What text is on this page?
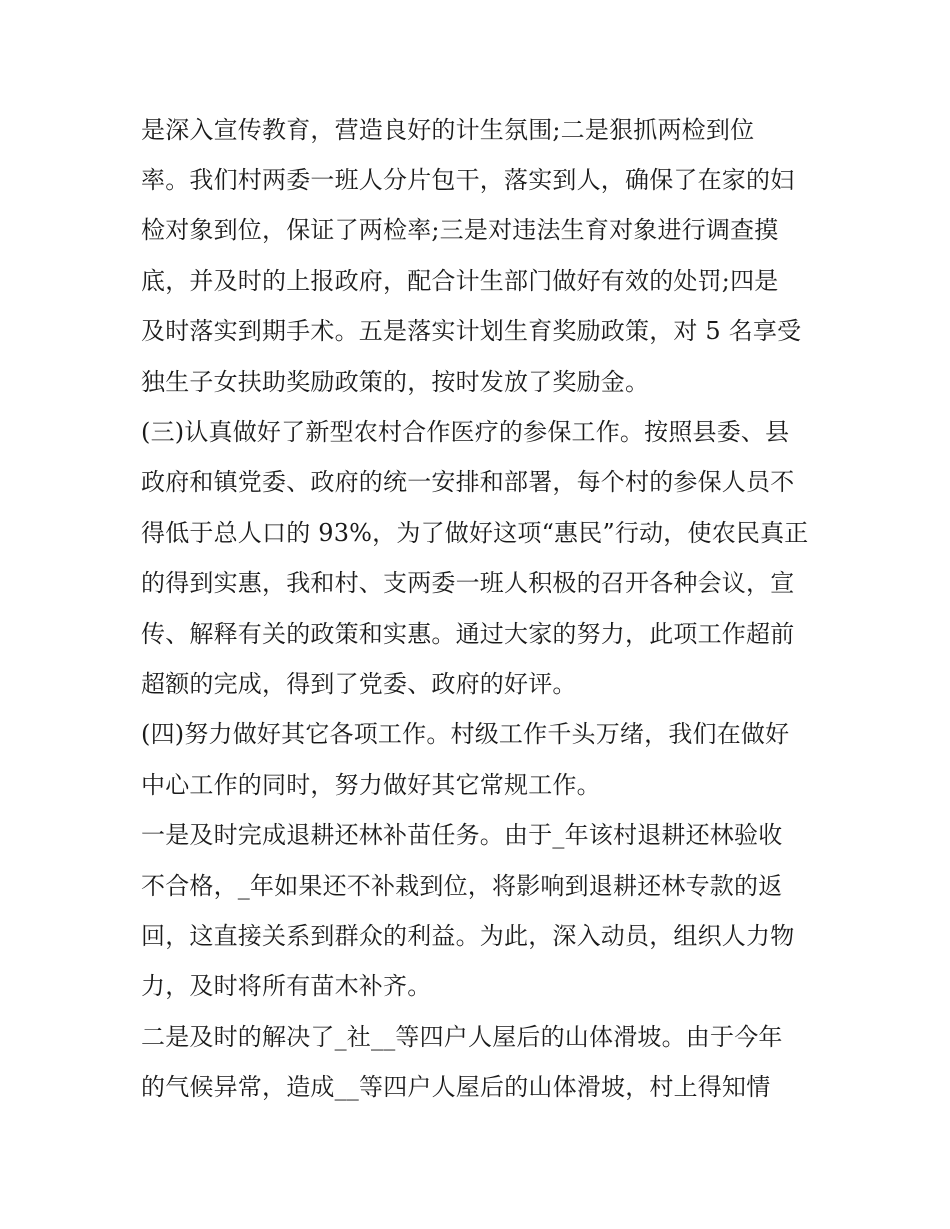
是深入宣传教育，营造良好的计生氛围;二是狠抓两检到位
率。我们村两委一班人分片包干，落实到人，确保了在家的妇
检对象到位，保证了两检率;三是对违法生育对象进行调查摸
底，并及时的上报政府，配合计生部门做好有效的处罚;四是
及时落实到期手术。五是落实计划生育奖励政策，对 5 名享受
独生子女扶助奖励政策的，按时发放了奖励金。
(三)认真做好了新型农村合作医疗的参保工作。按照县委、县
政府和镇党委、政府的统一安排和部署，每个村的参保人员不
得低于总人口的 93%，为了做好这项“惠民”行动，使农民真正
的得到实惠，我和村、支两委一班人积极的召开各种会议，宣
传、解释有关的政策和实惠。通过大家的努力，此项工作超前
超额的完成，得到了党委、政府的好评。
(四)努力做好其它各项工作。村级工作千头万绪，我们在做好
中心工作的同时，努力做好其它常规工作。
一是及时完成退耕还林补苗任务。由于_年该村退耕还林验收
不合格，_年如果还不补栽到位，将影响到退耕还林专款的返
回，这直接关系到群众的利益。为此，深入动员，组织人力物
力，及时将所有苗木补齐。
二是及时的解决了_社__等四户人屋后的山体滑坡。由于今年
的气候异常，造成__等四户人屋后的山体滑坡，村上得知情
